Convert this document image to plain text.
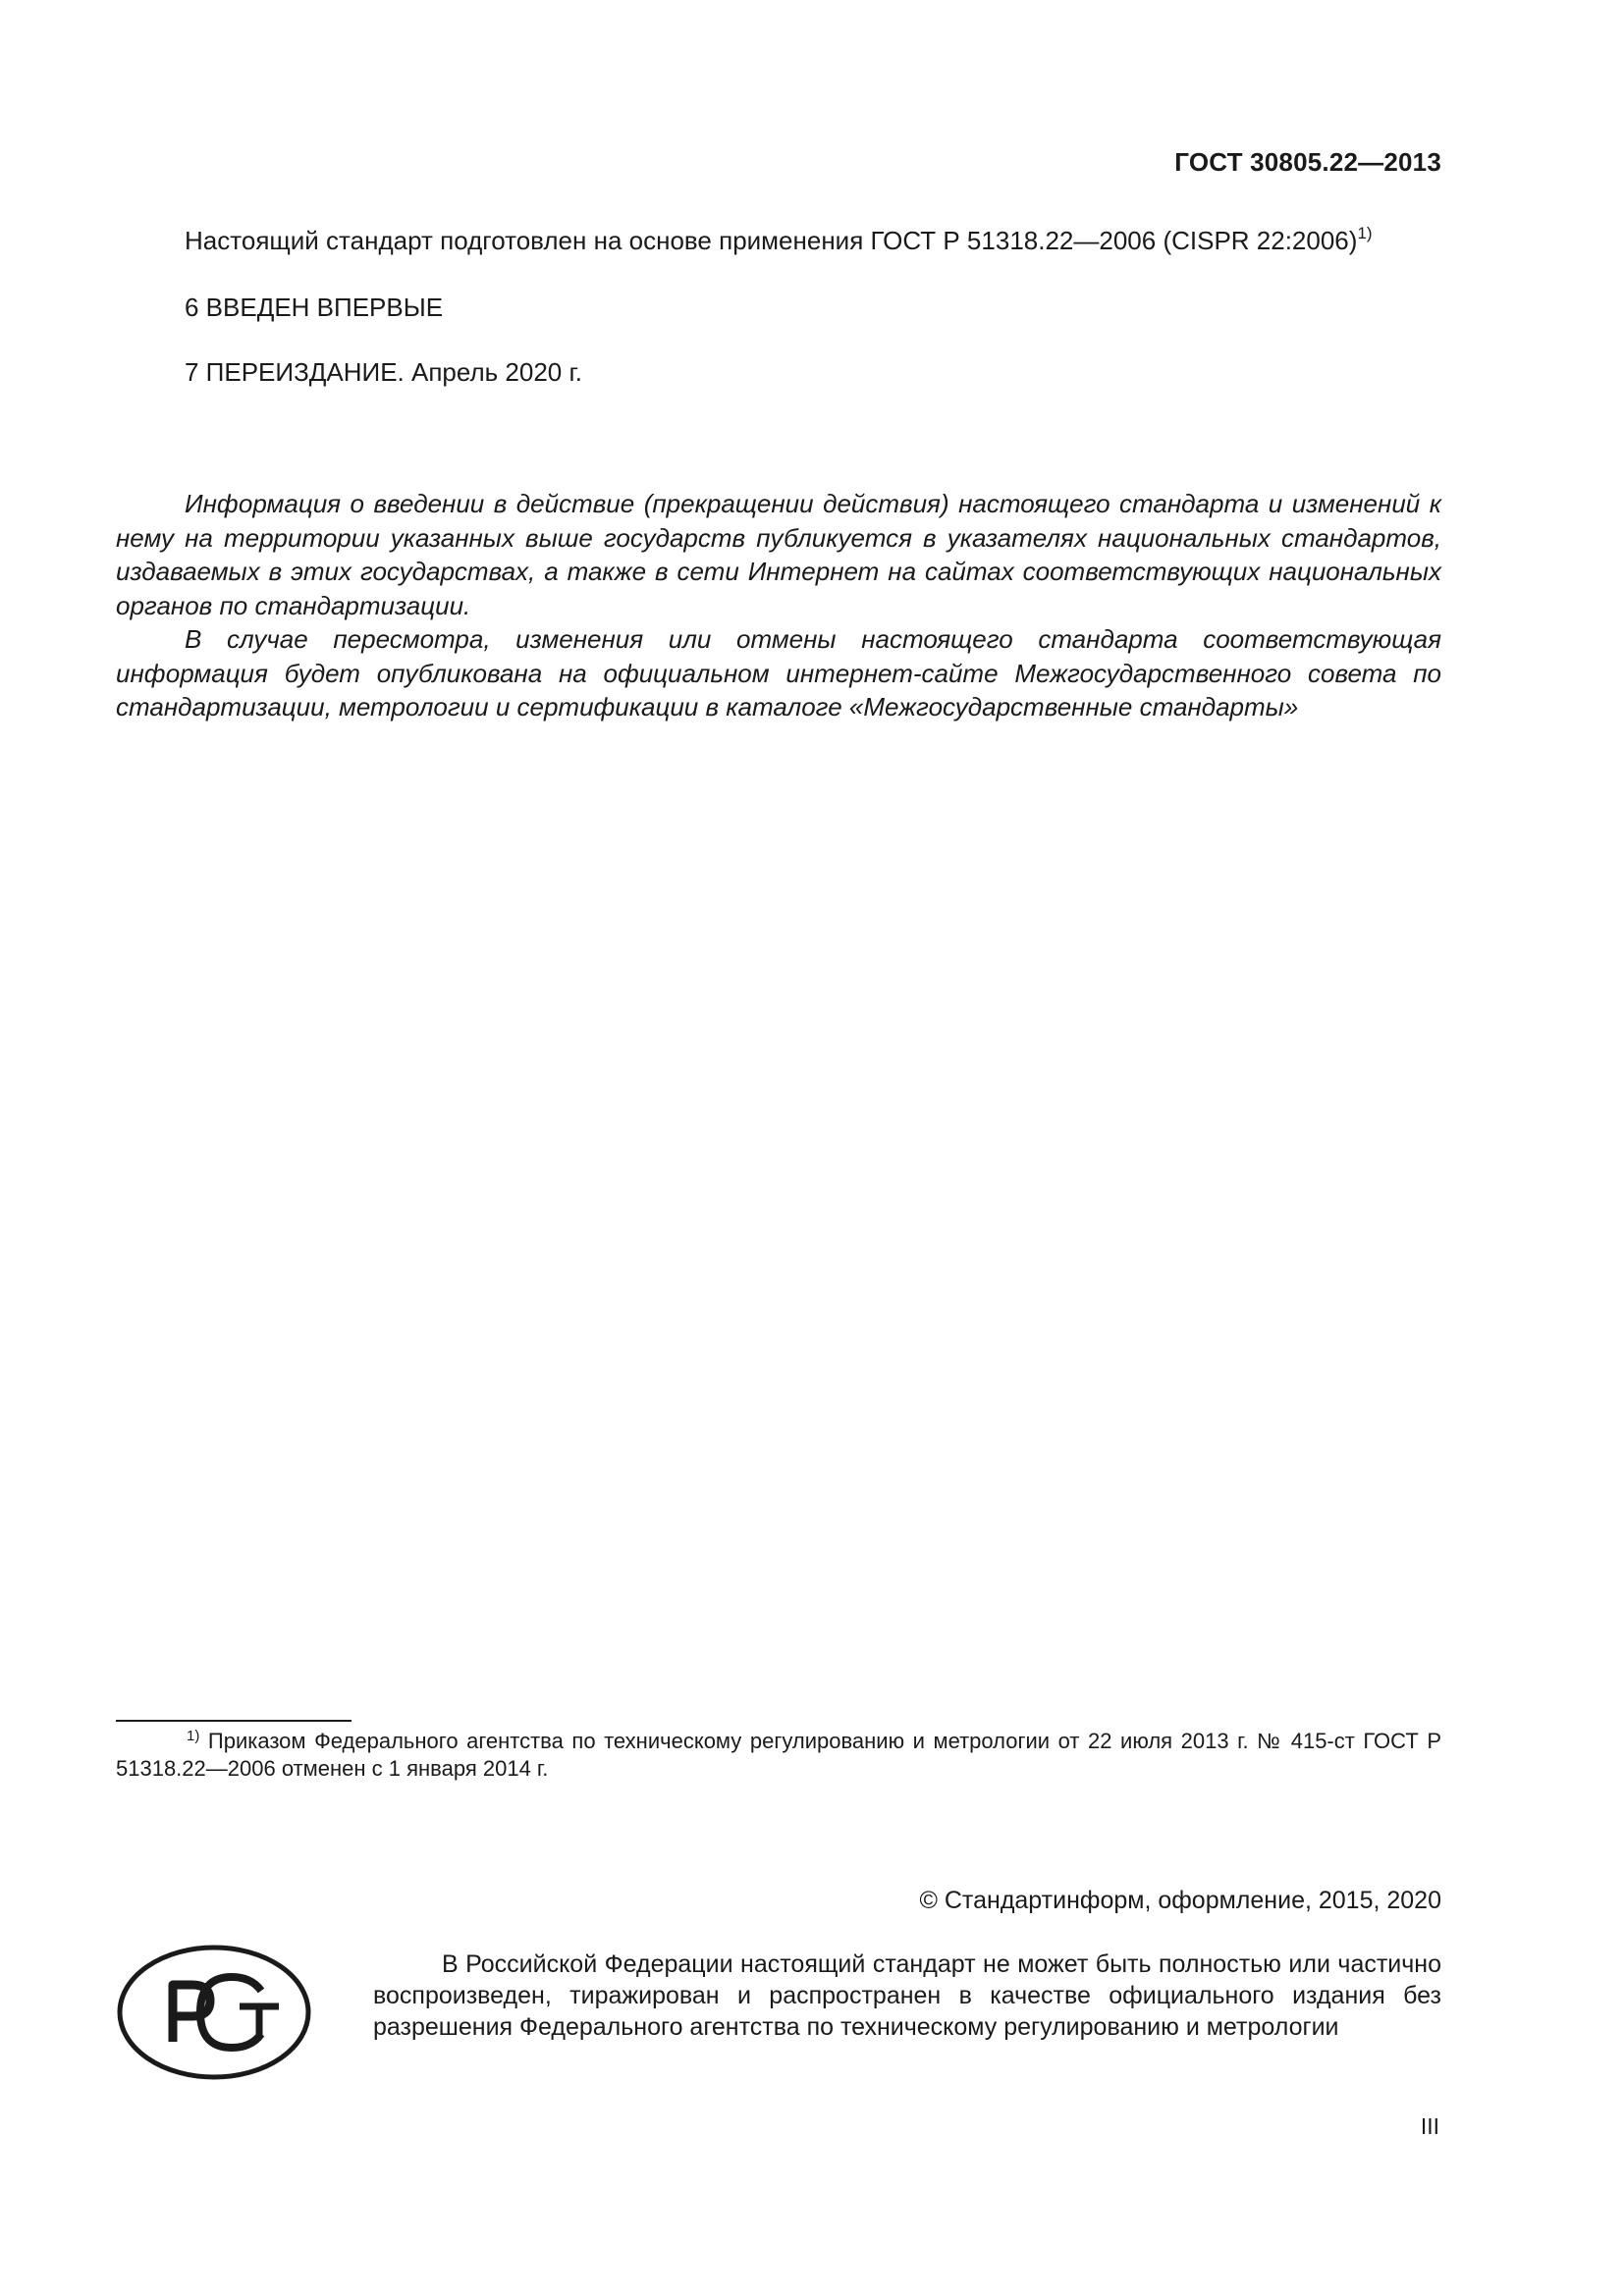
ГОСТ 30805.22—2013
Настоящий стандарт подготовлен на основе применения ГОСТ Р 51318.22—2006 (CISPR 22:2006)$^{1)}$
6 ВВЕДЕН ВПЕРВЫЕ
7 ПЕРЕИЗДАНИЕ. Апрель 2020 г.

Информация о введении в действие (прекращении действия) настоящего стандарта и изменений к нему на территории указанных выше государств публикуется в указателях национальных стандартов, издаваемых в этих государствах, а также в сети Интернет на сайтах соответствующих национальных органов по стандартизации.

В случае пересмотра, изменения или отмены настоящего стандарта соответствующая информация будет опубликована на официальном интернет-сайте Межгосударственного совета по стандартизации, метрологии и сертификации в каталоге «Межгосударственные стандарты»

$^{1)}$ Приказом Федерального агентства по техническому регулированию и метрологии от 22 июля 2013 г. № 415-ст ГОСТ Р 51318.22—2006 отменен с 1 января 2014 г.

© Стандартинформ, оформление, 2015, 2020

В Российской Федерации настоящий стандарт не может быть полностью или частично воспроизведен, тиражирован и распространен в качестве официального издания без разрешения Федерального агентства по техническому регулированию и метрологии

III
